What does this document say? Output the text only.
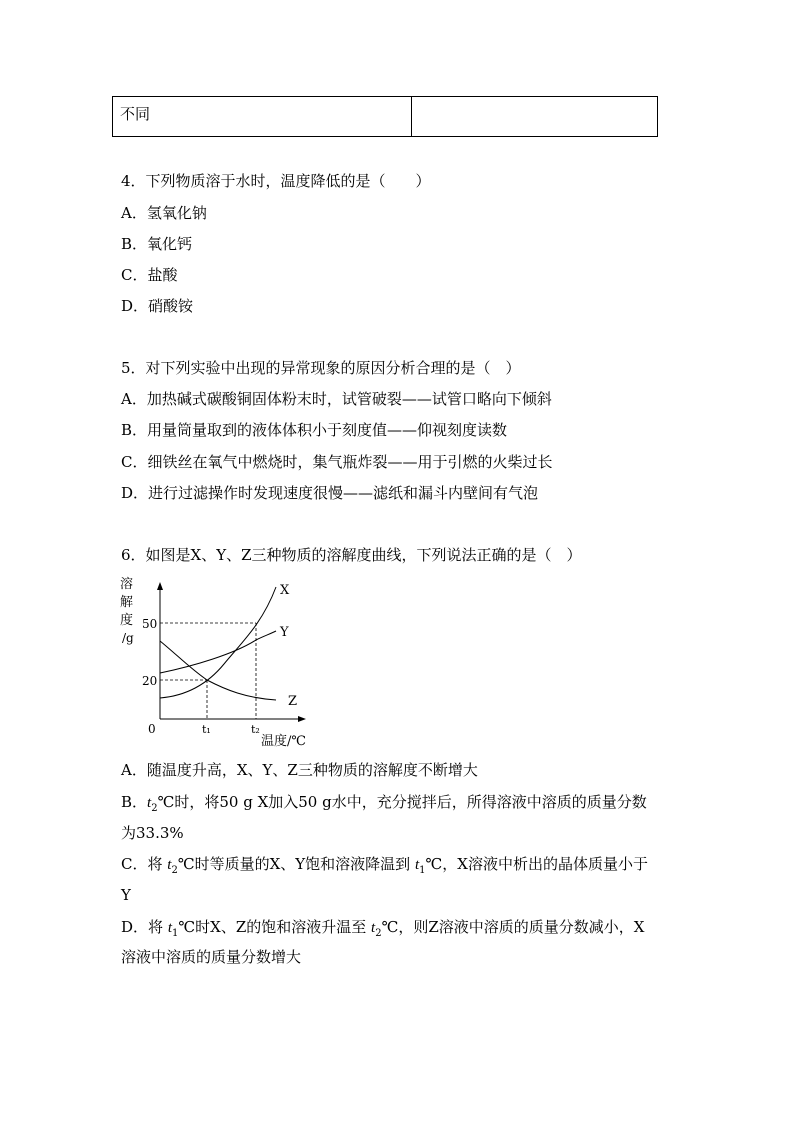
不同
4．下列物质溶于水时，温度降低的是（　　）
A．氢氧化钠
B．氧化钙
C．盐酸
D．硝酸铵
5．对下列实验中出现的异常现象的原因分析合理的是（　）
A．加热碱式碳酸铜固体粉末时，试管破裂——试管口略向下倾斜
B．用量筒量取到的液体体积小于刻度值——仰视刻度读数
C．细铁丝在氧气中燃烧时，集气瓶炸裂——用于引燃的火柴过长
D．进行过滤操作时发现速度很慢——滤纸和漏斗内壁间有气泡
6．如图是X、Y、Z三种物质的溶解度曲线，下列说法正确的是（　）
溶
解
度
/g
X
Y
Z
50
20
0	t₁	t₂
温度/℃
A．随温度升高，X、Y、Z三种物质的溶解度不断增大
B．$t_2℃$时，将50 g X加入50 g水中，充分搅拌后，所得溶液中溶质的质量分数
为33.3%
C．将 $t_2℃$时等质量的X、Y饱和溶液降温到 $t_1℃$，X溶液中析出的晶体质量小于
Y
D．将 $t_1℃$时X、Z的饱和溶液升温至 $t_2℃$，则Z溶液中溶质的质量分数减小，X
溶液中溶质的质量分数增大
